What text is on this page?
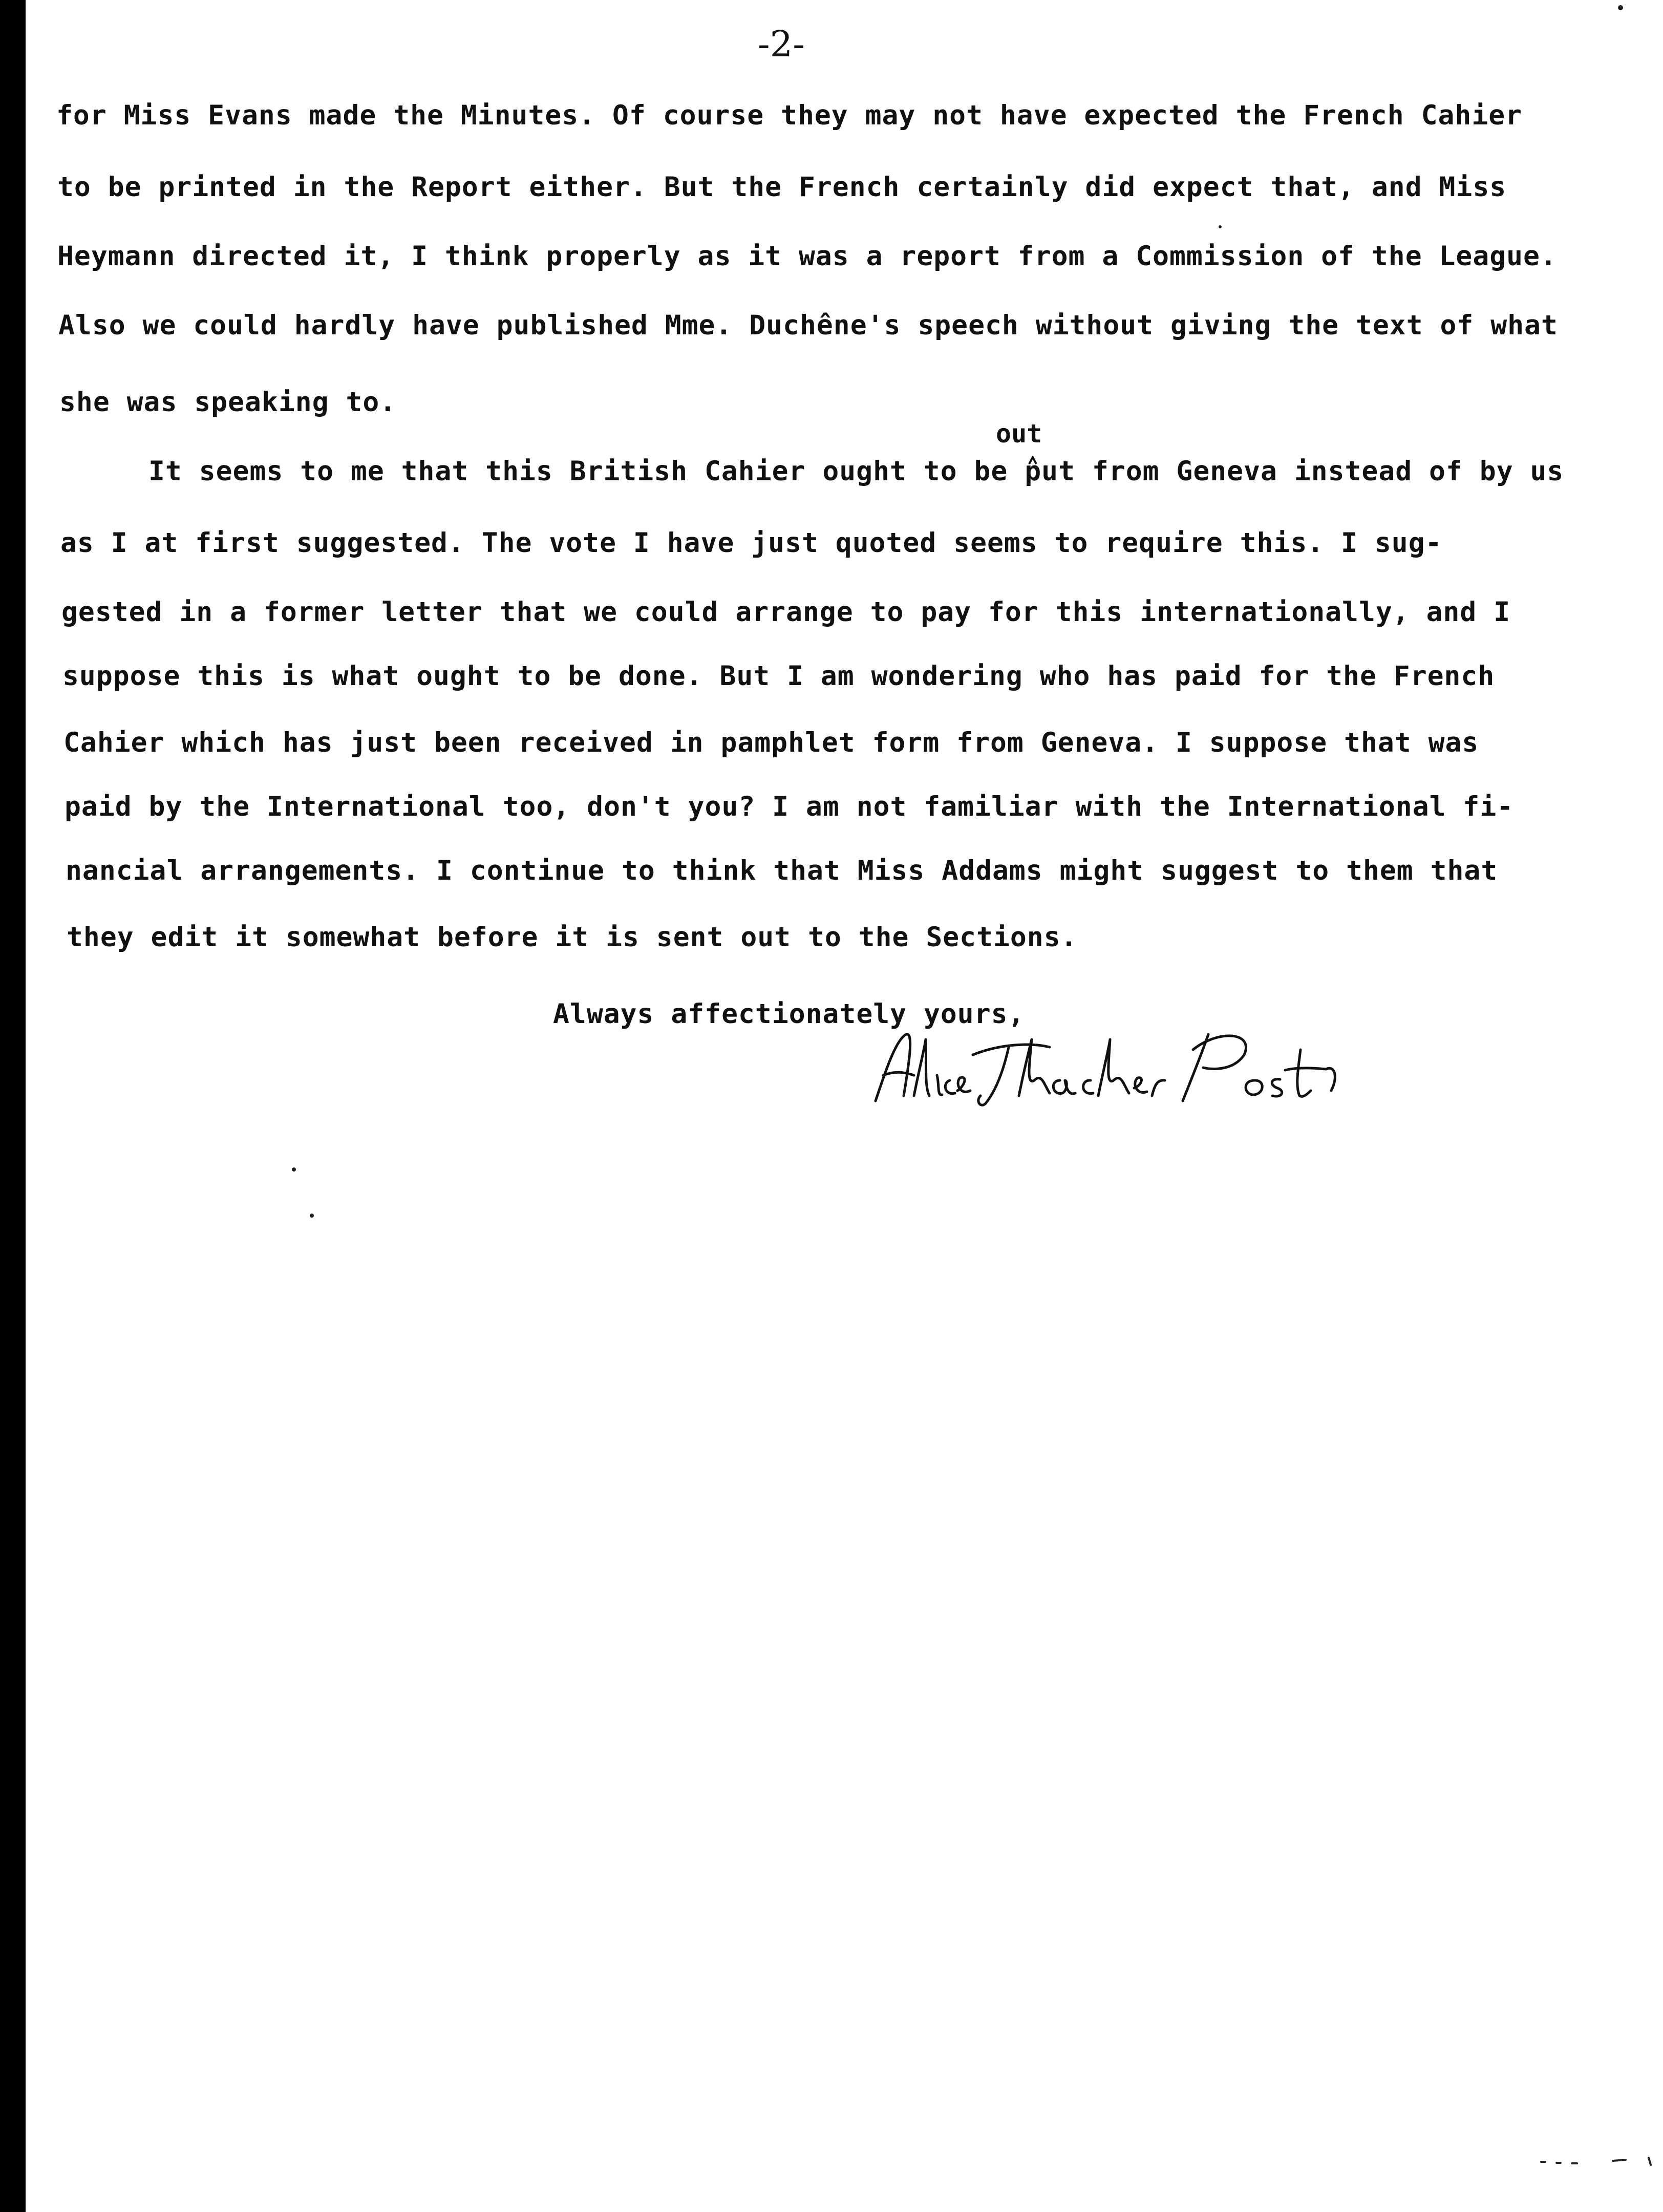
-2-

for Miss Evans made the Minutes. Of course they may not have expected the French Cahier

to be printed in the Report either. But the French certainly did expect that, and Miss

Heymann directed it, I think properly as it was a report from a Commission of the League.

Also we could hardly have published Mme. Duchêne's speech without giving the text of what

she was speaking to.

out

It seems to me that this British Cahier ought to be put from Geneva instead of by us

as I at first suggested. The vote I have just quoted seems to require this. I sug-

gested in a former letter that we could arrange to pay for this internationally, and I

suppose this is what ought to be done. But I am wondering who has paid for the French

Cahier which has just been received in pamphlet form from Geneva. I suppose that was

paid by the International too, don't you? I am not familiar with the International fi-

nancial arrangements. I continue to think that Miss Addams might suggest to them that

they edit it somewhat before it is sent out to the Sections.

Always affectionately yours,
